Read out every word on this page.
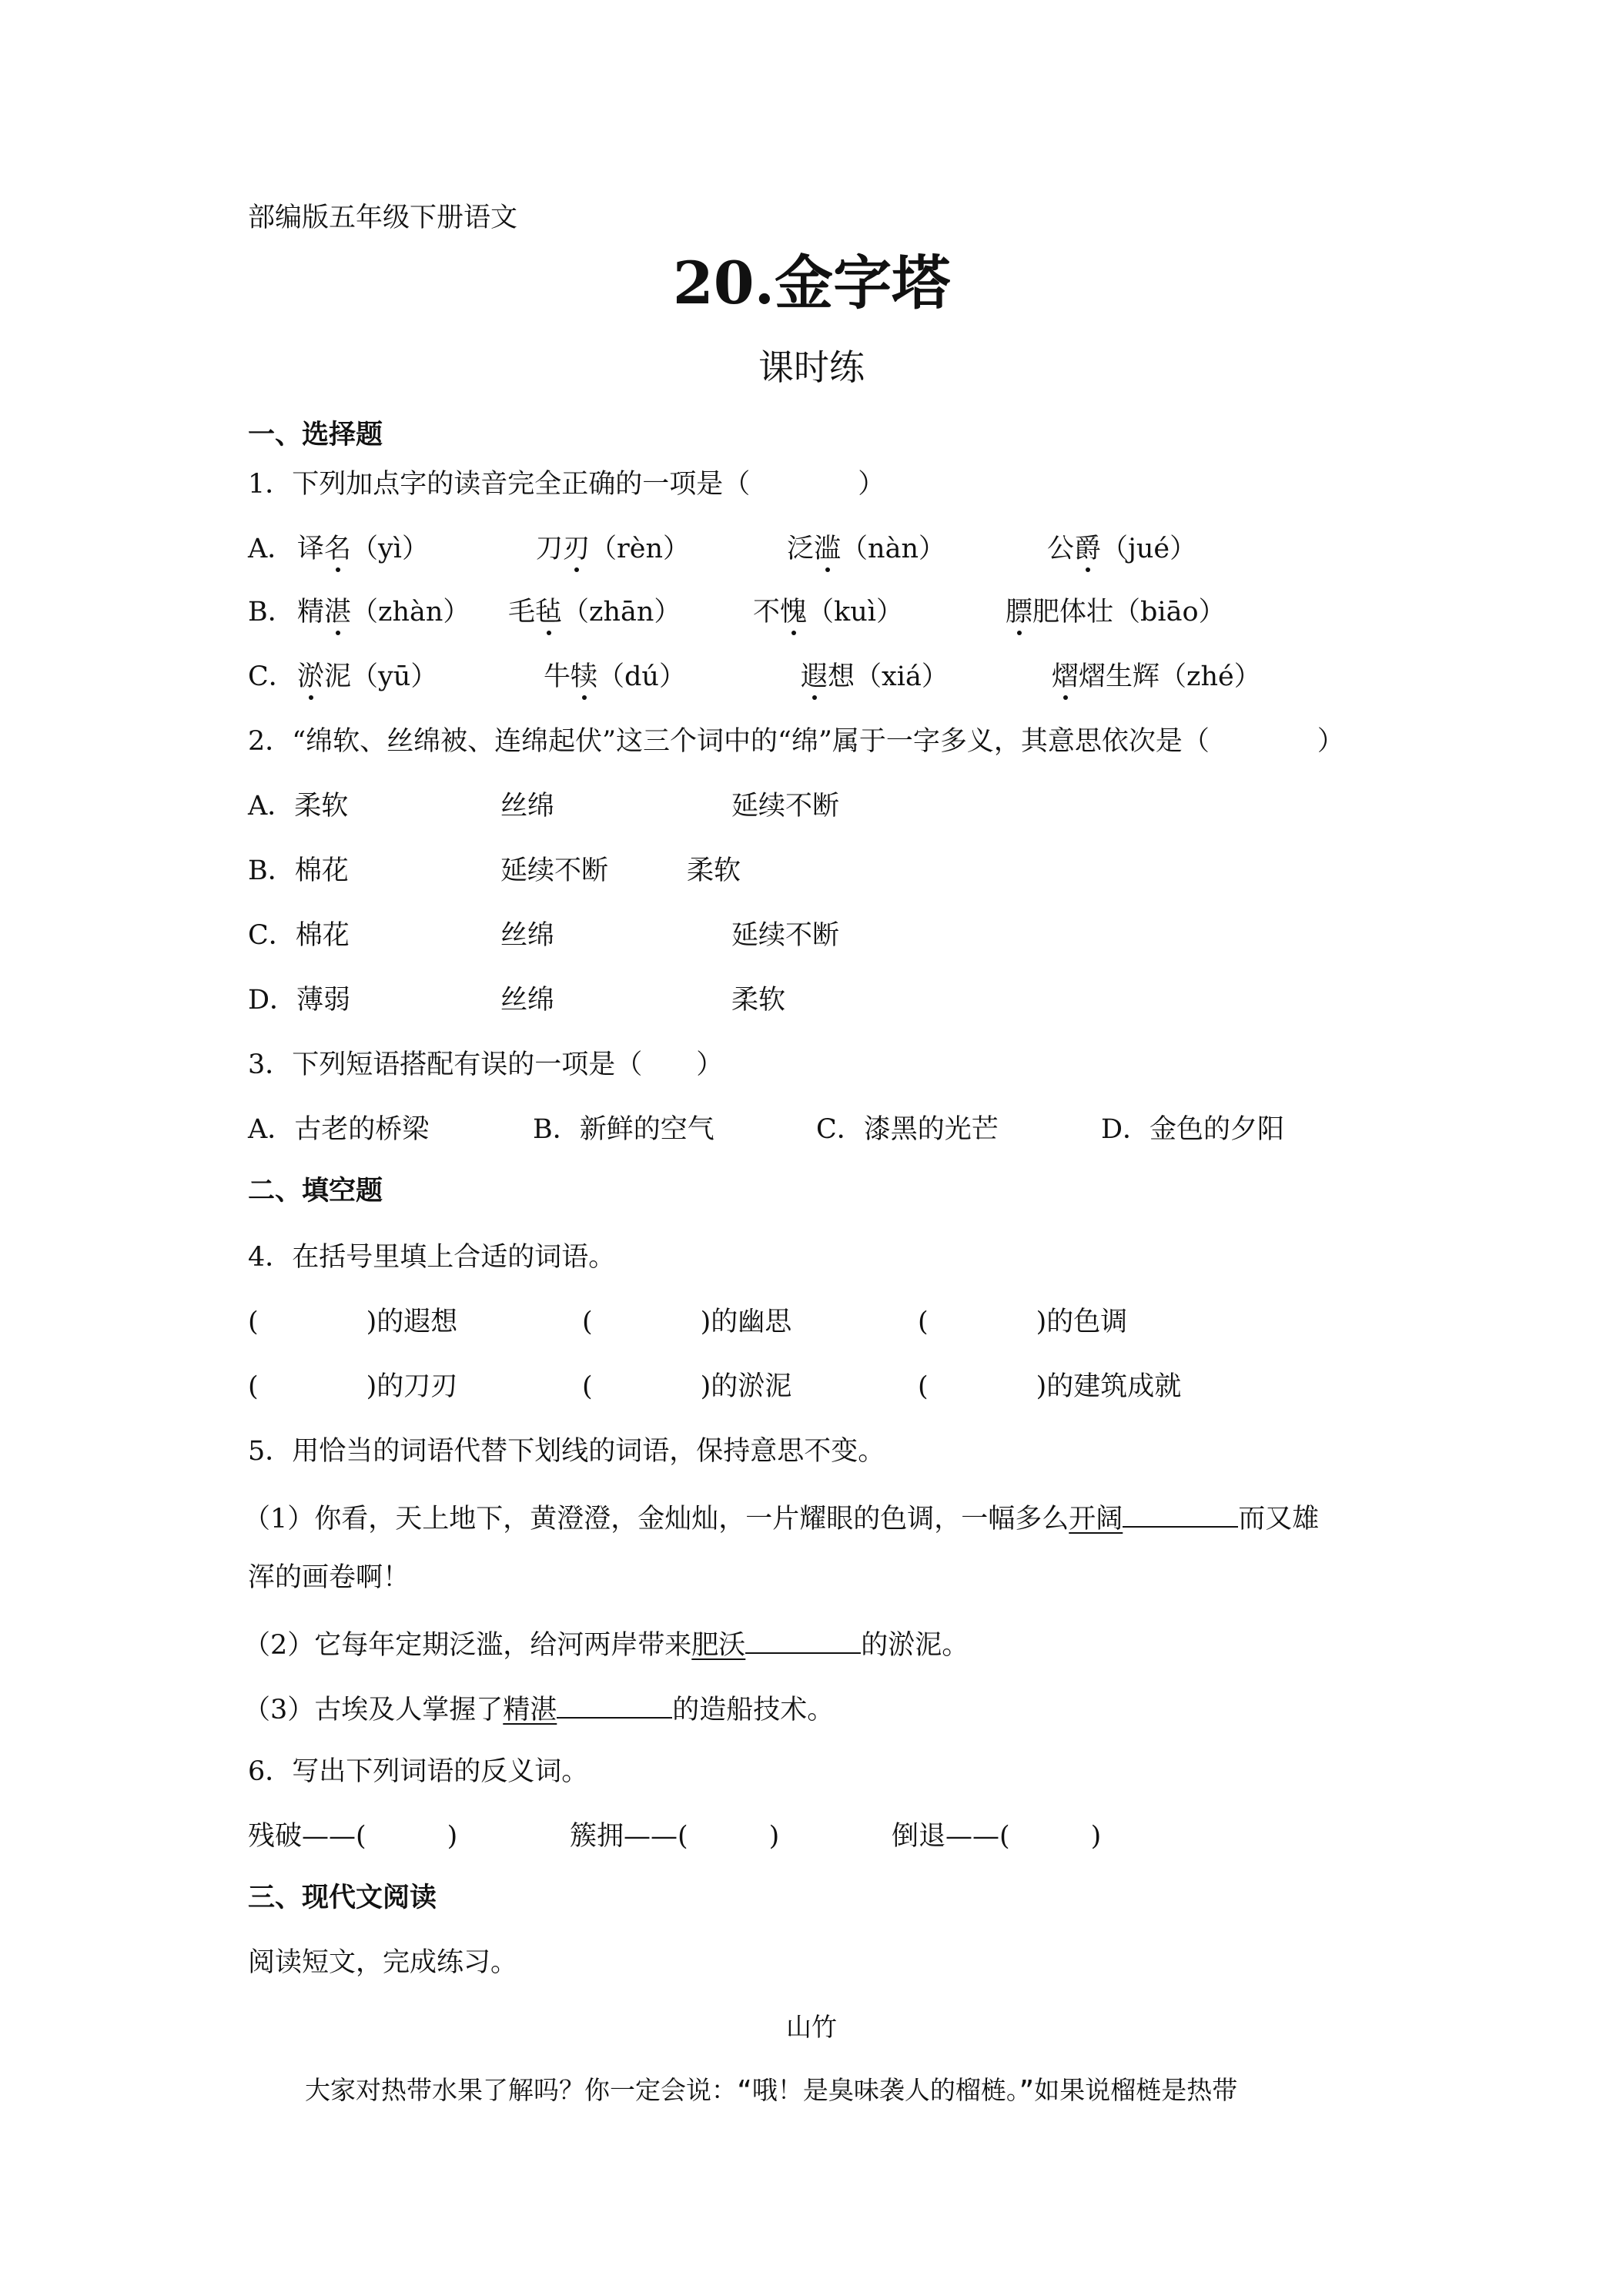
部编版五年级下册语文
20.金字塔
课时练
一、选择题
1．下列加点字的读音完全正确的一项是（　　　　）
A． 译名（yì）	刀刃（rèn）	泛滥（nàn）	公爵（jué）
B． 精湛（zhàn） 毛毡（zhān）	不愧（kuì）	膘肥体壮（biāo）
C． 淤泥（yū）	牛犊（dú）	遐想（xiá）	熠熠生辉（zhé）
2．“绵软、丝绵被、连绵起伏”这三个词中的“绵”属于一字多义，其意思依次是（　　　　）
A．柔软	丝绵	延续不断
B．棉花	延续不断	柔软
C．棉花	丝绵	延续不断
D．薄弱	丝绵	柔软
3．下列短语搭配有误的一项是（　　）
A．古老的桥梁	B．新鲜的空气	C．漆黑的光芒	D．金色的夕阳
二、填空题
4．在括号里填上合适的词语。
(　　　　)的遐想	(　　　　)的幽思	(　　　　)的色调
(　　　　)的刀刃	(　　　　)的淤泥	(　　　　)的建筑成就
5．用恰当的词语代替下划线的词语，保持意思不变。
（1）你看，天上地下，黄澄澄，金灿灿，一片耀眼的色调，一幅多么开阔	而又雄
浑的画卷啊！
（2）它每年定期泛滥，给河两岸带来肥沃	的淤泥。
（3）古埃及人掌握了精湛	的造船技术。
6．写出下列词语的反义词。
残破——(　　　)	簇拥——(　　　)	倒退——(　　　)
三、现代文阅读
阅读短文，完成练习。
山竹
大家对热带水果了解吗？你一定会说：“哦！是臭味袭人的榴梿。”如果说榴梿是热带
